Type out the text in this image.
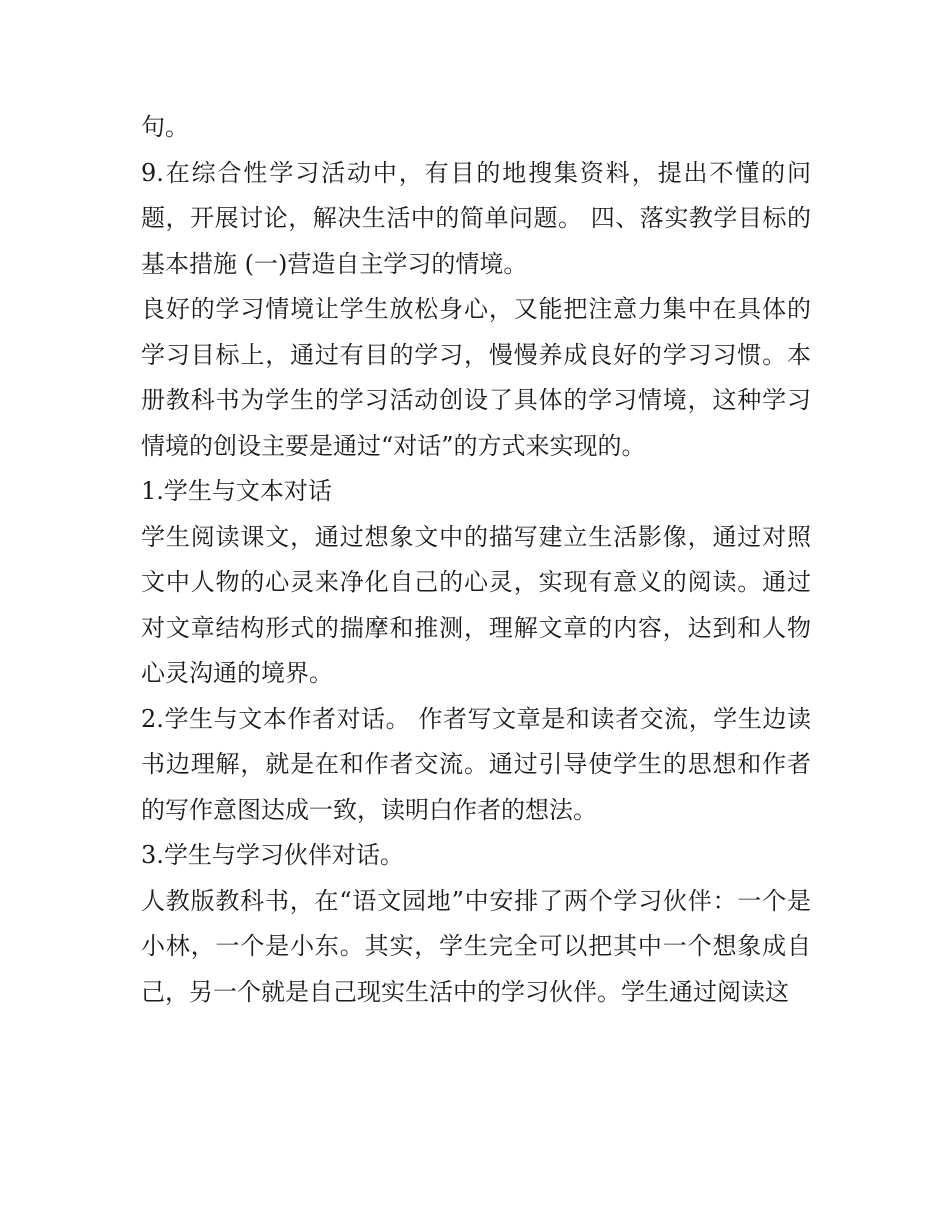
句。

9.在综合性学习活动中，有目的地搜集资料，提出不懂的问题，开展讨论，解决生活中的简单问题。 四、落实教学目标的基本措施 (一)营造自主学习的情境。

良好的学习情境让学生放松身心，又能把注意力集中在具体的学习目标上，通过有目的学习，慢慢养成良好的学习习惯。本册教科书为学生的学习活动创设了具体的学习情境，这种学习情境的创设主要是通过“对话”的方式来实现的。

1.学生与文本对话

学生阅读课文，通过想象文中的描写建立生活影像，通过对照文中人物的心灵来净化自己的心灵，实现有意义的阅读。通过对文章结构形式的揣摩和推测，理解文章的内容，达到和人物心灵沟通的境界。

2.学生与文本作者对话。 作者写文章是和读者交流，学生边读书边理解，就是在和作者交流。通过引导使学生的思想和作者的写作意图达成一致，读明白作者的想法。

3.学生与学习伙伴对话。

人教版教科书，在“语文园地”中安排了两个学习伙伴：一个是小林，一个是小东。其实，学生完全可以把其中一个想象成自己，另一个就是自己现实生活中的学习伙伴。学生通过阅读这
